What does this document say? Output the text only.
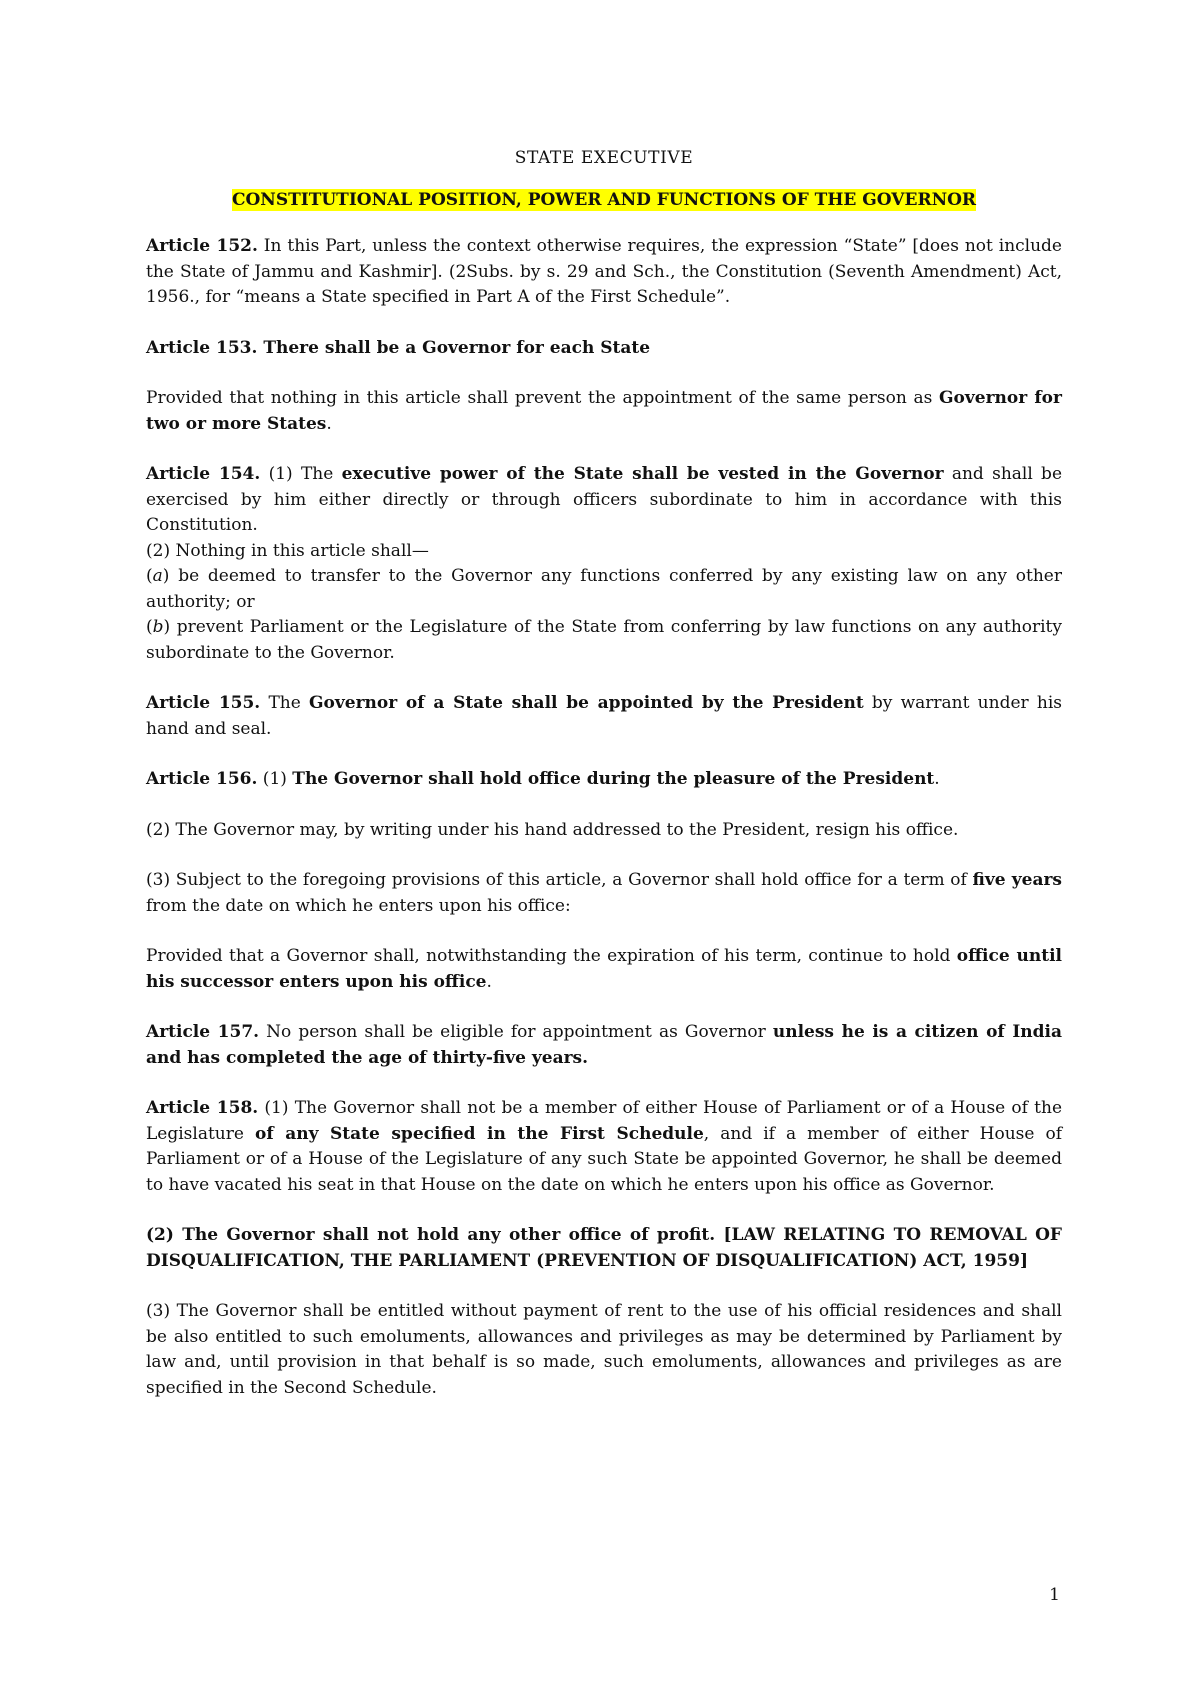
STATE EXECUTIVE
CONSTITUTIONAL POSITION, POWER AND FUNCTIONS OF THE GOVERNOR
Article 152. In this Part, unless the context otherwise requires, the expression “State” [does not include the State of Jammu and Kashmir]. (2Subs. by s. 29 and Sch., the Constitution (Seventh Amendment) Act, 1956., for “means a State specified in Part A of the First Schedule”.
Article 153. There shall be a Governor for each State
Provided that nothing in this article shall prevent the appointment of the same person as Governor for two or more States.
Article 154. (1) The executive power of the State shall be vested in the Governor and shall be exercised by him either directly or through officers subordinate to him in accordance with this Constitution.
(2) Nothing in this article shall—
(a) be deemed to transfer to the Governor any functions conferred by any existing law on any other authority; or
(b) prevent Parliament or the Legislature of the State from conferring by law functions on any authority subordinate to the Governor.
Article 155. The Governor of a State shall be appointed by the President by warrant under his hand and seal.
Article 156. (1) The Governor shall hold office during the pleasure of the President.
(2) The Governor may, by writing under his hand addressed to the President, resign his office.
(3) Subject to the foregoing provisions of this article, a Governor shall hold office for a term of five years from the date on which he enters upon his office:
Provided that a Governor shall, notwithstanding the expiration of his term, continue to hold office until his successor enters upon his office.
Article 157. No person shall be eligible for appointment as Governor unless he is a citizen of India and has completed the age of thirty-five years.
Article 158. (1) The Governor shall not be a member of either House of Parliament or of a House of the Legislature of any State specified in the First Schedule, and if a member of either House of Parliament or of a House of the Legislature of any such State be appointed Governor, he shall be deemed to have vacated his seat in that House on the date on which he enters upon his office as Governor.
(2) The Governor shall not hold any other office of profit. [LAW RELATING TO REMOVAL OF DISQUALIFICATION, THE PARLIAMENT (PREVENTION OF DISQUALIFICATION) ACT, 1959]
(3) The Governor shall be entitled without payment of rent to the use of his official residences and shall be also entitled to such emoluments, allowances and privileges as may be determined by Parliament by law and, until provision in that behalf is so made, such emoluments, allowances and privileges as are specified in the Second Schedule.
1
